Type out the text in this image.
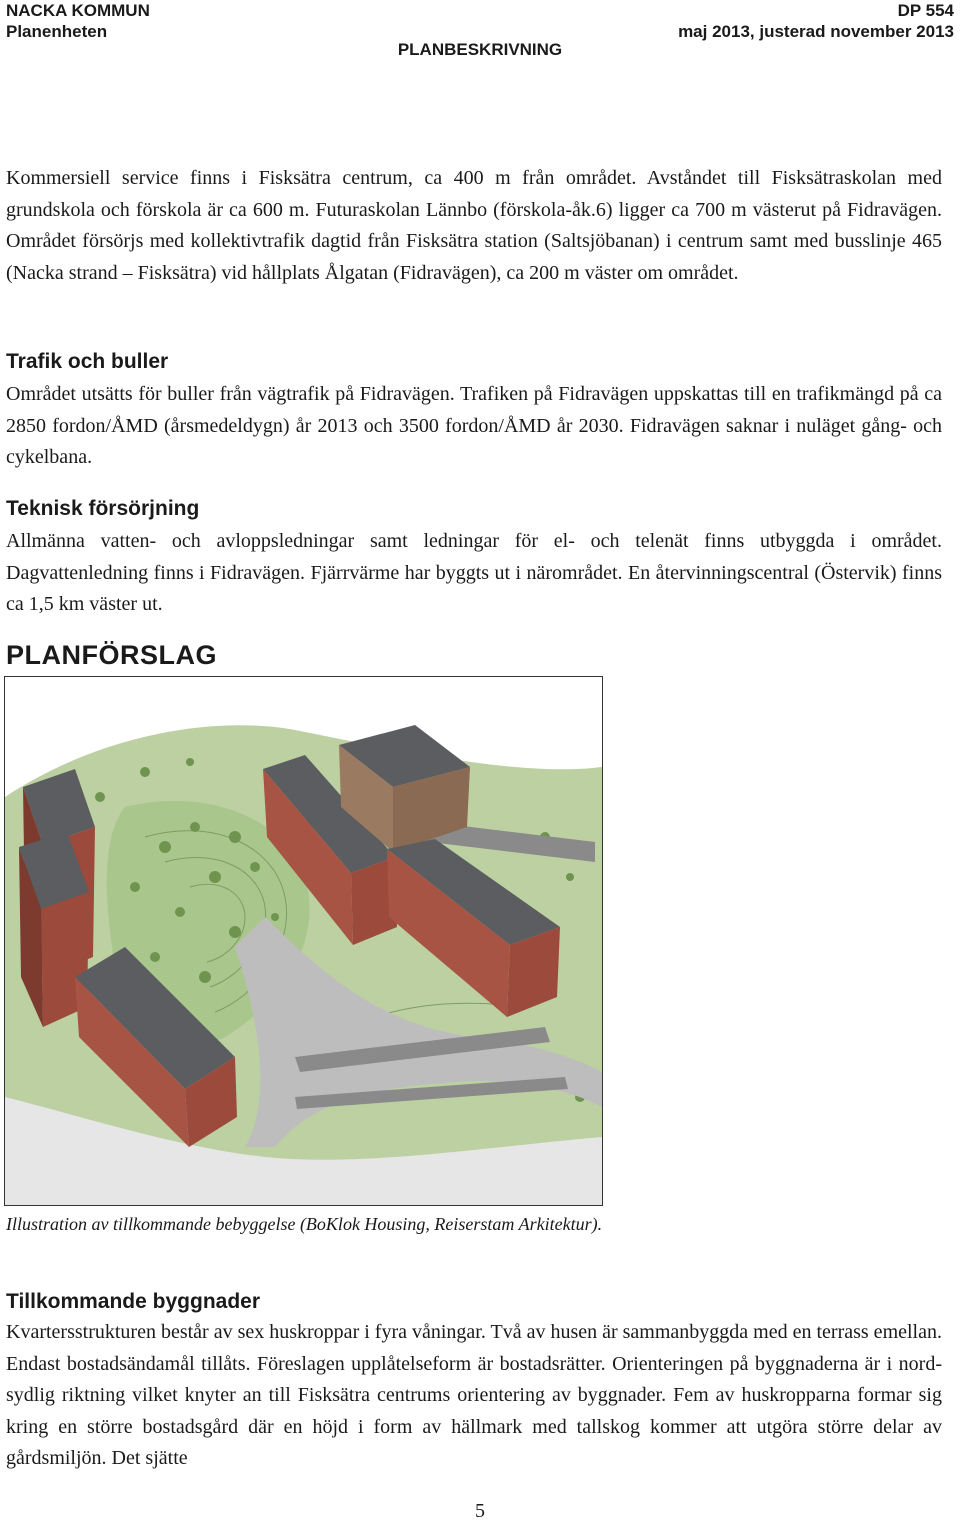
NACKA KOMMUN
Planenheten
DP 554
maj 2013, justerad november 2013
PLANBESKRIVNING

Kommersiell service finns i Fisksätra centrum, ca 400 m från området. Avståndet till Fisksätraskolan med grundskola och förskola är ca 600 m. Futuraskolan Lännbo (förskola-åk.6) ligger ca 700 m västerut på Fidravägen. Området försörjs med kollektivtrafik dagtid från Fisksätra station (Saltsjöbanan) i centrum samt med busslinje 465 (Nacka strand – Fisksätra) vid hållplats Ålgatan (Fidravägen), ca 200 m väster om området.

Trafik och buller

Området utsätts för buller från vägtrafik på Fidravägen. Trafiken på Fidravägen uppskattas till en trafikmängd på ca 2850 fordon/ÅMD (årsmedeldygn) år 2013 och 3500 fordon/ÅMD år 2030. Fidravägen saknar i nuläget gång- och cykelbana.

Teknisk försörjning

Allmänna vatten- och avloppsledningar samt ledningar för el- och telenät finns utbyggda i området. Dagvattenledning finns i Fidravägen. Fjärrvärme har byggts ut i närområdet. En återvinningscentral (Östervik) finns ca 1,5 km väster ut.

PLANFÖRSLAG
Illustration av tillkommande bebyggelse (BoKlok Housing, Reiserstam Arkitektur).
Tillkommande byggnader

Kvartersstrukturen består av sex huskroppar i fyra våningar. Två av husen är sammanbyggda med en terrass emellan. Endast bostadsändamål tillåts. Föreslagen upplåtelseform är bostadsrätter. Orienteringen på byggnaderna är i nord-sydlig riktning vilket knyter an till Fisksätra centrums orientering av byggnader. Fem av huskropparna formar sig kring en större bostadsgård där en höjd i form av hällmark med tallskog kommer att utgöra större delar av gårdsmiljön. Det sjätte

5
